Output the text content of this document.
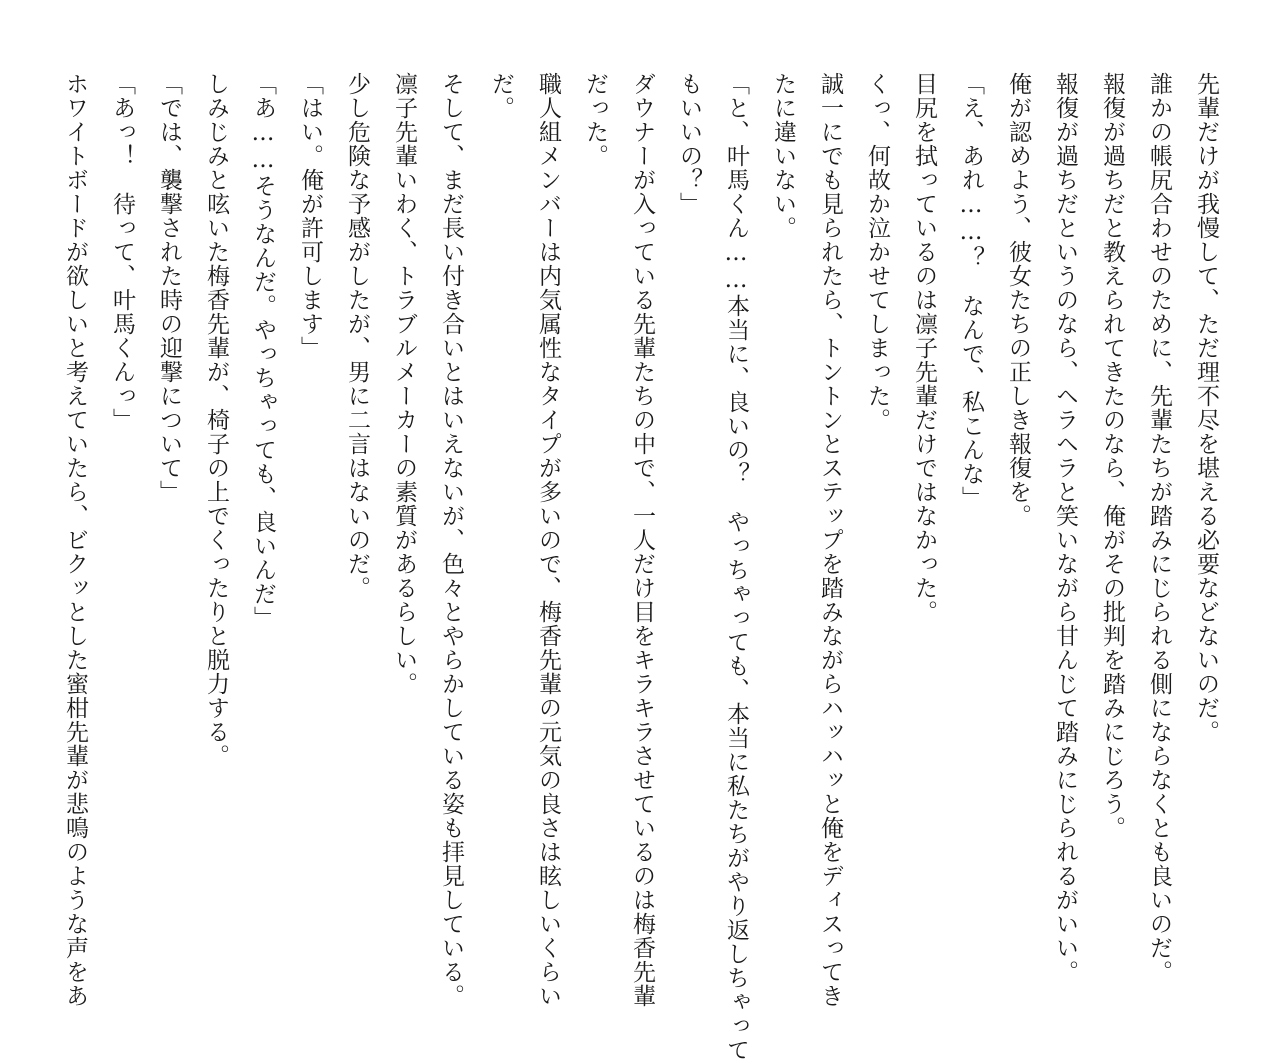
先輩だけが我慢して、ただ理不尽を堪える必要などないのだ。
誰かの帳尻合わせのために、先輩たちが踏みにじられる側にならなくとも良いのだ。
報復が過ちだと教えられてきたのなら、俺がその批判を踏みにじろう。
報復が過ちだというのなら、ヘラヘラと笑いながら甘んじて踏みにじられるがいい。
俺が認めよう、彼女たちの正しき報復を。
「え、あれ……？　なんで、私こんな」
目尻を拭っているのは凛子先輩だけではなかった。
くっ、何故か泣かせてしまった。
誠一にでも見られたら、トントンとステップを踏みながらハッハッと俺をディスってき
たに違いない。
「と、叶馬くん……本当に、良いの？　やっちゃっても、本当に私たちがやり返しちゃって
もいいの？」
ダウナーが入っている先輩たちの中で、一人だけ目をキラキラさせているのは梅香先輩
だった。
職人組メンバーは内気属性なタイプが多いので、梅香先輩の元気の良さは眩しいくらい
だ。
そして、まだ長い付き合いとはいえないが、色々とやらかしている姿も拝見している。
凛子先輩いわく、トラブルメーカーの素質があるらしい。
少し危険な予感がしたが、男に二言はないのだ。
「はい。俺が許可します」
「あ……そうなんだ。やっちゃっても、良いんだ」
しみじみと呟いた梅香先輩が、椅子の上でくったりと脱力する。
「では、襲撃された時の迎撃について」
「あっ！　待って、叶馬くんっ」
ホワイトボードが欲しいと考えていたら、ビクッとした蜜柑先輩が悲鳴のような声をあ
